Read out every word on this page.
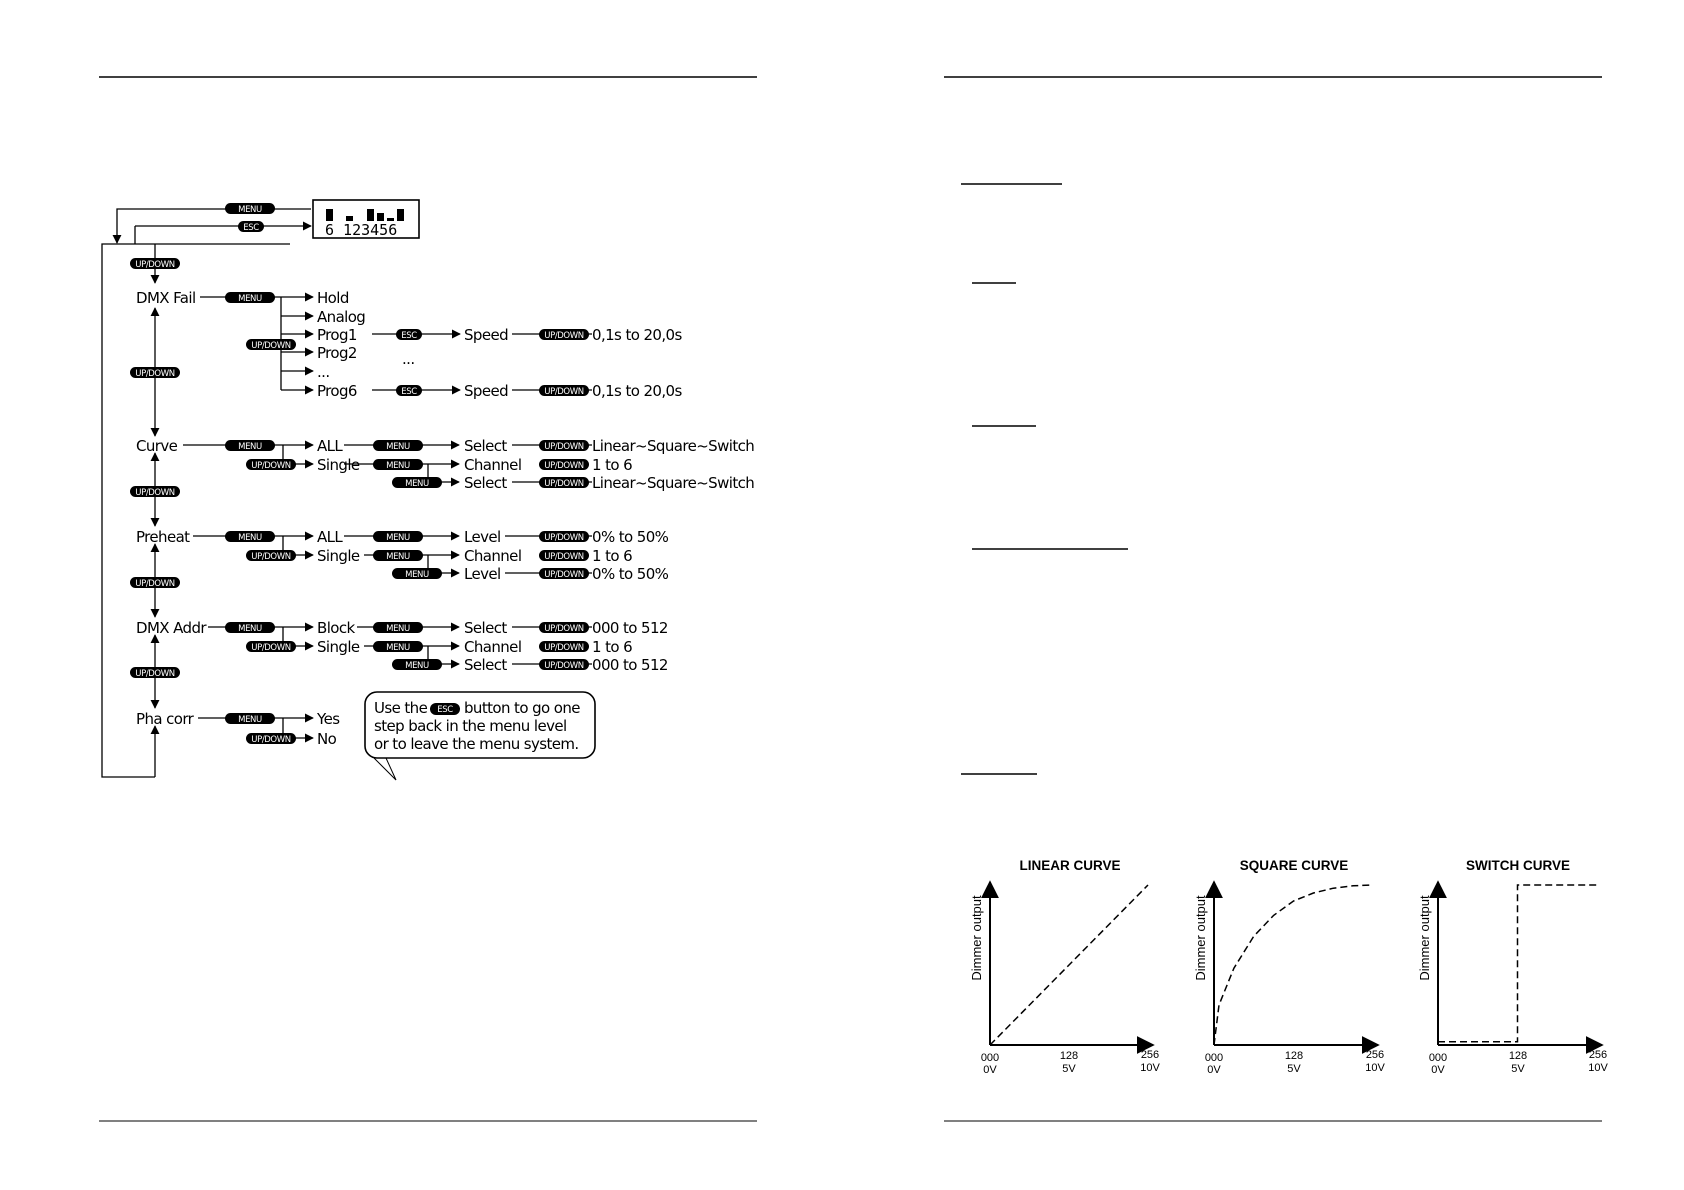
6 123456
MENU
ESC
UP/DOWN
MENU
UP/DOWN
ESC	UP/DOWN
ESC	UP/DOWN
UP/DOWN
MENU
UP/DOWN
MENU
MENU
MENU
UP/DOWN
UP/DOWN
UP/DOWN
UP/DOWN
MENU
UP/DOWN
MENU
MENU
MENU
UP/DOWN
UP/DOWN
UP/DOWN
UP/DOWN
MENU
UP/DOWN
MENU
MENU
MENU
UP/DOWN
UP/DOWN
UP/DOWN
UP/DOWN
MENU
UP/DOWN
DMX Fail
Curve
Preheat
DMX Addr
Pha corr
Hold
Analog
Prog1
Prog2
...
Prog6
Speed	0,1s to 20,0s
...
Speed	0,1s to 20,0s
ALL
Single
Select	Linear~Square~Switch
Channel	1 to 6
Select	Linear~Square~Switch
ALL
Single
Level	0% to 50%
Channel	1 to 6
Level	0% to 50%
Block
Single
Select	000 to 512
Channel	1 to 6
Select	000 to 512
Yes
No
Use the ESC button to go one
step back in the menu level
or to leave the menu system.
LINEAR CURVE
Dimmer output
000
0V
128
5V
256
10V
SQUARE CURVE
Dimmer output
000
0V
128
5V
256
10V
SWITCH CURVE
Dimmer output
000
0V
128
5V
256
10V
